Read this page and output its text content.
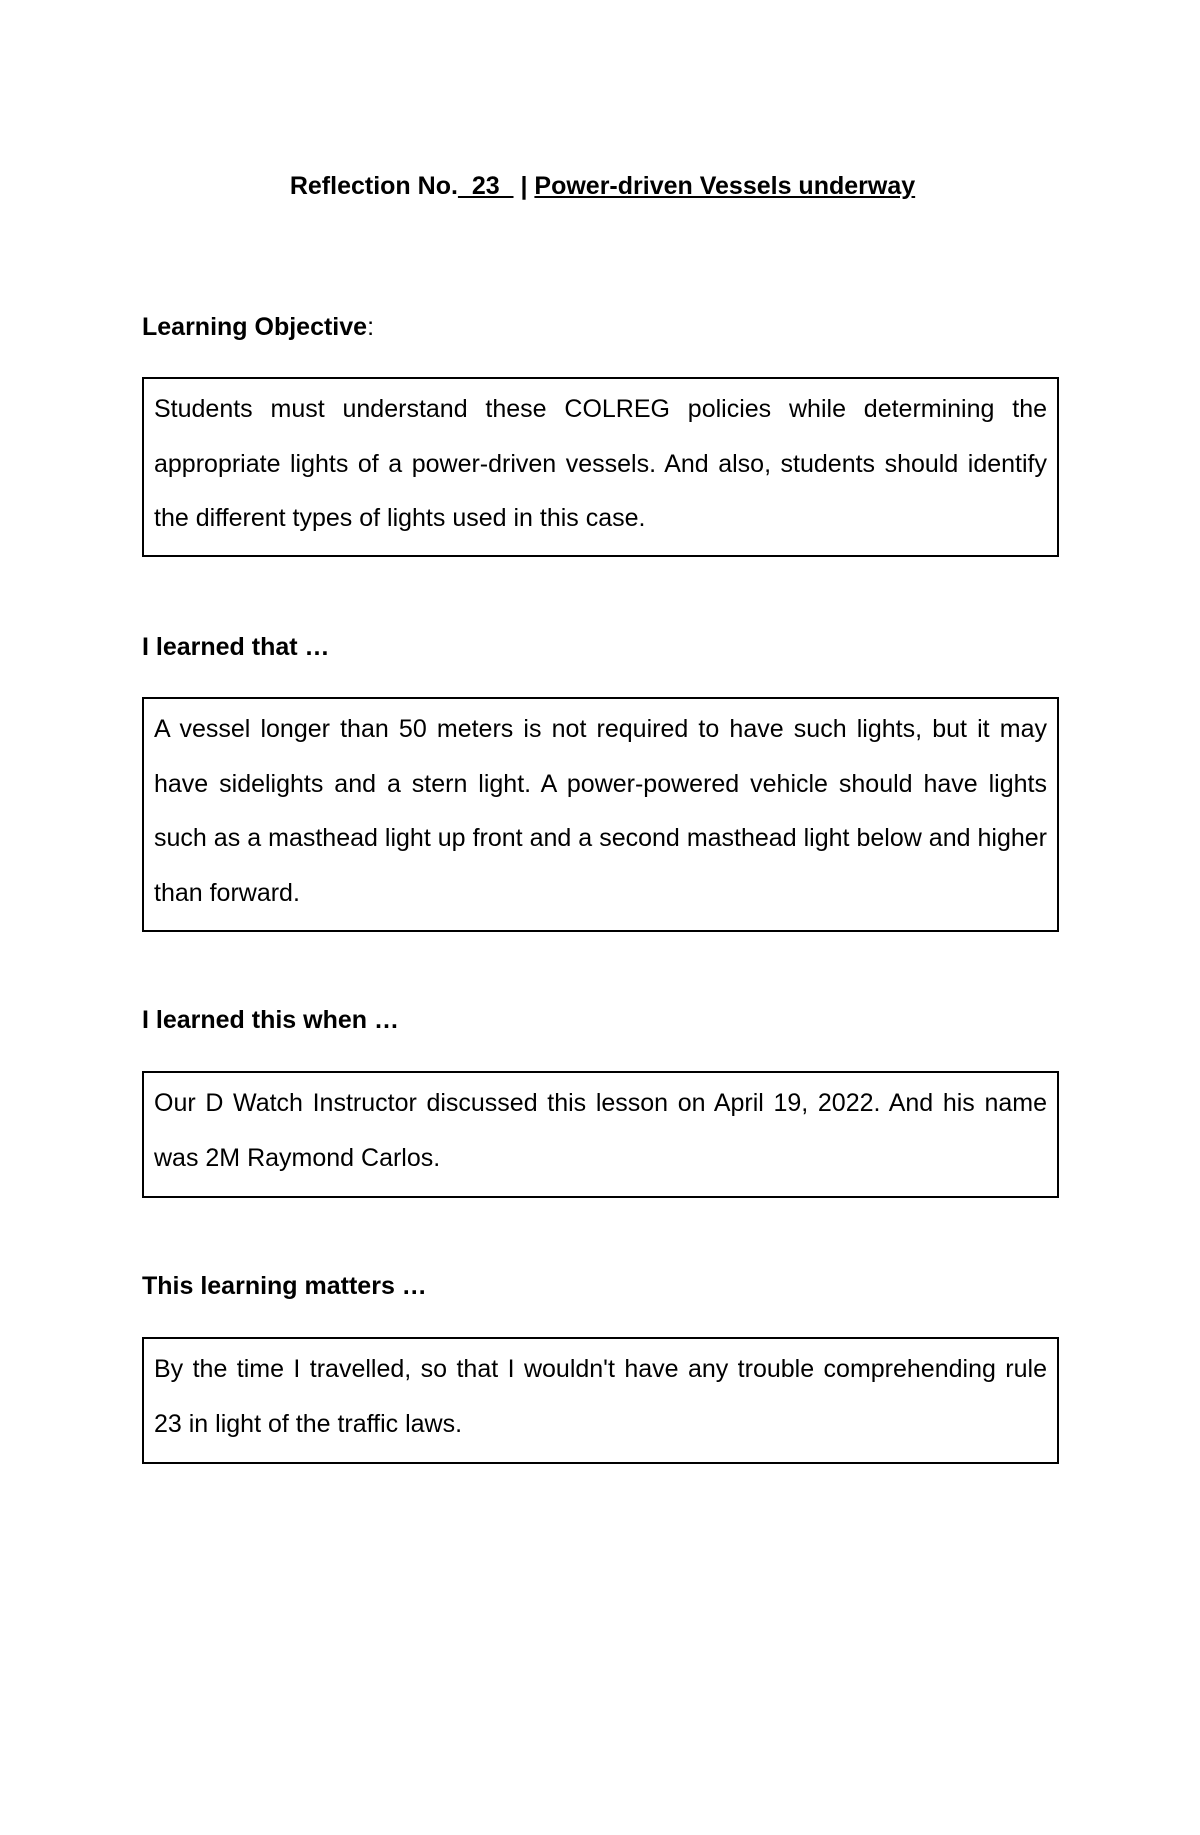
Reflection No.  23   | Power-driven Vessels underway
Learning Objective:

Students must understand these COLREG policies while determining the appropriate lights of a power-driven vessels. And also, students should identify the different types of lights used in this case.

I learned that …

A vessel longer than 50 meters is not required to have such lights, but it may have sidelights and a stern light. A power-powered vehicle should have lights such as a masthead light up front and a second masthead light below and higher than forward.

I learned this when …

Our D Watch Instructor discussed this lesson on April 19, 2022. And his name was 2M Raymond Carlos.

This learning matters …

By the time I travelled, so that I wouldn't have any trouble comprehending rule 23 in light of the traffic laws.
